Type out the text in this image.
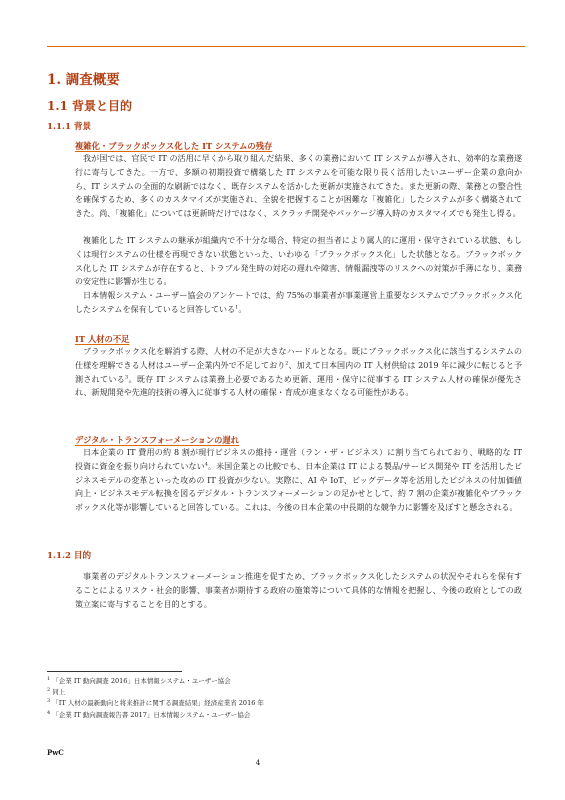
1. 調査概要
1.1 背景と目的
1.1.1 背景
複雑化・ブラックボックス化した IT システムの残存

我が国では、官民で IT の活用に早くから取り組んだ結果、多くの業務において IT システムが導入され、効率的な業務遂行に寄与してきた。一方で、多額の初期投資で構築した IT システムを可能な限り長く活用したいユーザー企業の意向から、IT システムの全面的な刷新ではなく、既存システムを活かした更新が実施されてきた。また更新の際、業務との整合性を確保するため、多くのカスタマイズが実施され、全貌を把握することが困難な「複雑化」したシステムが多く構築されてきた。尚、「複雑化」については更新時だけではなく、スクラッチ開発やパッケージ導入時のカスタマイズでも発生し得る。

複雑化した IT システムの継承が組織内で不十分な場合、特定の担当者により属人的に運用・保守されている状態、もしくは現行システムの仕様を再現できない状態といった、いわゆる「ブラックボックス化」した状態となる。ブラックボックス化した IT システムが存在すると、トラブル発生時の対応の遅れや障害、情報漏洩等のリスクへの対策が手薄になり、業務の安定性に影響が生じる。

日本情報システム・ユーザー協会のアンケートでは、約 75%の事業者が事業運営上重要なシステムでブラックボックス化したシステムを保有していると回答している$^1$。

IT 人材の不足

ブラックボックス化を解消する際、人材の不足が大きなハードルとなる。既にブラックボックス化に該当するシステムの仕様を理解できる人材はユーザー企業内外で不足しており$^2$、加えて日本国内の IT 人材供給は 2019 年に減少に転じると予測されている$^3$。既存 IT システムは業務上必要であるため更新、運用・保守に従事する IT システム人材の確保が優先され、新規開発や先進的技術の導入に従事する人材の確保・育成が進まなくなる可能性がある。

デジタル・トランスフォーメーションの遅れ

日本企業の IT 費用の約 8 割が現行ビジネスの維持・運営（ラン・ザ・ビジネス）に割り当てられており、戦略的な IT 投資に資金を振り向けられていない$^4$。米国企業との比較でも、日本企業は IT による製品/サービス開発や IT を活用したビジネスモデルの変革といった攻めの IT 投資が少ない。実際に、AI や IoT、ビッグデータ等を活用したビジネスの付加価値向上・ビジネスモデル転換を図るデジタル・トランスフォーメーションの足かせとして、約 7 割の企業が複雑化やブラックボックス化等が影響していると回答している。これは、今後の日本企業の中長期的な競争力に影響を及ぼすと懸念される。

1.1.2 目的

事業者のデジタルトランスフォーメーション推進を促すため、ブラックボックス化したシステムの状況やそれらを保有することによるリスク・社会的影響、事業者が期待する政府の施策等について具体的な情報を把握し、今後の政府としての政策立案に寄与することを目的とする。

$^1$ 「企業 IT 動向調査 2016」日本情報システム・ユーザー協会
$^2$ 同上
$^3$ 「IT 人材の最新動向と将来推計に関する調査結果」経済産業省 2016 年
$^4$ 「企業 IT 動向調査報告書 2017」日本情報システム・ユーザー協会
PwC
4
